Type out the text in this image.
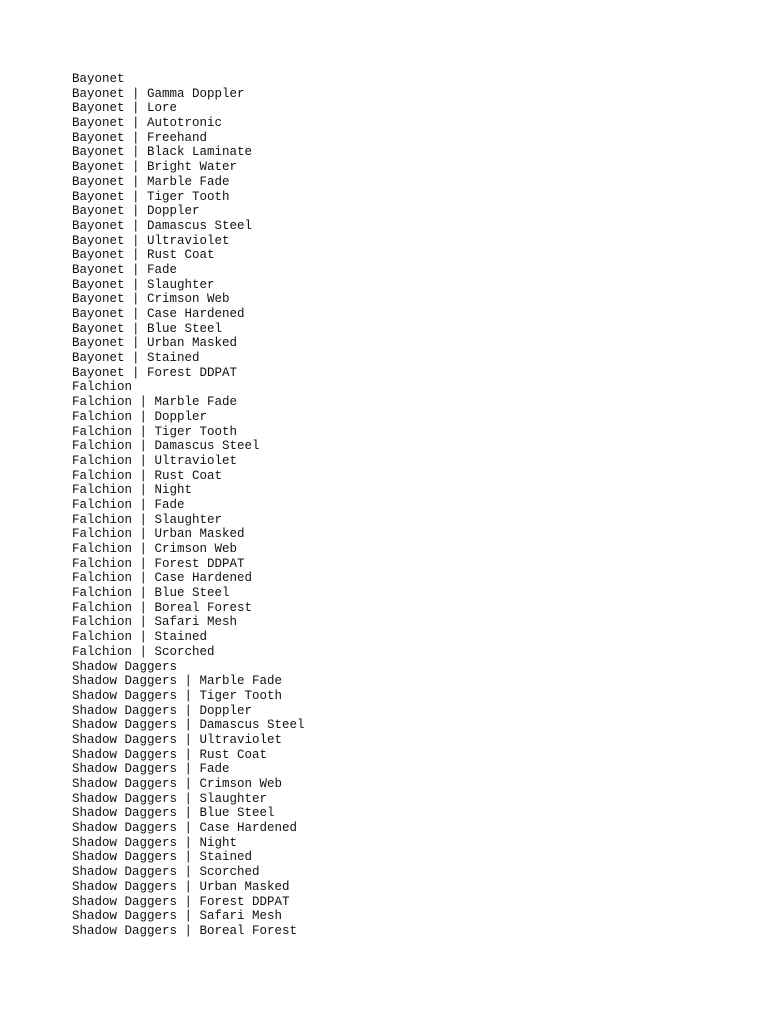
Bayonet
Bayonet | Gamma Doppler
Bayonet | Lore
Bayonet | Autotronic
Bayonet | Freehand
Bayonet | Black Laminate
Bayonet | Bright Water
Bayonet | Marble Fade
Bayonet | Tiger Tooth
Bayonet | Doppler
Bayonet | Damascus Steel
Bayonet | Ultraviolet
Bayonet | Rust Coat
Bayonet | Fade
Bayonet | Slaughter
Bayonet | Crimson Web
Bayonet | Case Hardened
Bayonet | Blue Steel
Bayonet | Urban Masked
Bayonet | Stained
Bayonet | Forest DDPAT
Falchion
Falchion | Marble Fade
Falchion | Doppler
Falchion | Tiger Tooth
Falchion | Damascus Steel
Falchion | Ultraviolet
Falchion | Rust Coat
Falchion | Night
Falchion | Fade
Falchion | Slaughter
Falchion | Urban Masked
Falchion | Crimson Web
Falchion | Forest DDPAT
Falchion | Case Hardened
Falchion | Blue Steel
Falchion | Boreal Forest
Falchion | Safari Mesh
Falchion | Stained
Falchion | Scorched
Shadow Daggers
Shadow Daggers | Marble Fade
Shadow Daggers | Tiger Tooth
Shadow Daggers | Doppler
Shadow Daggers | Damascus Steel
Shadow Daggers | Ultraviolet
Shadow Daggers | Rust Coat
Shadow Daggers | Fade
Shadow Daggers | Crimson Web
Shadow Daggers | Slaughter
Shadow Daggers | Blue Steel
Shadow Daggers | Case Hardened
Shadow Daggers | Night
Shadow Daggers | Stained
Shadow Daggers | Scorched
Shadow Daggers | Urban Masked
Shadow Daggers | Forest DDPAT
Shadow Daggers | Safari Mesh
Shadow Daggers | Boreal Forest
